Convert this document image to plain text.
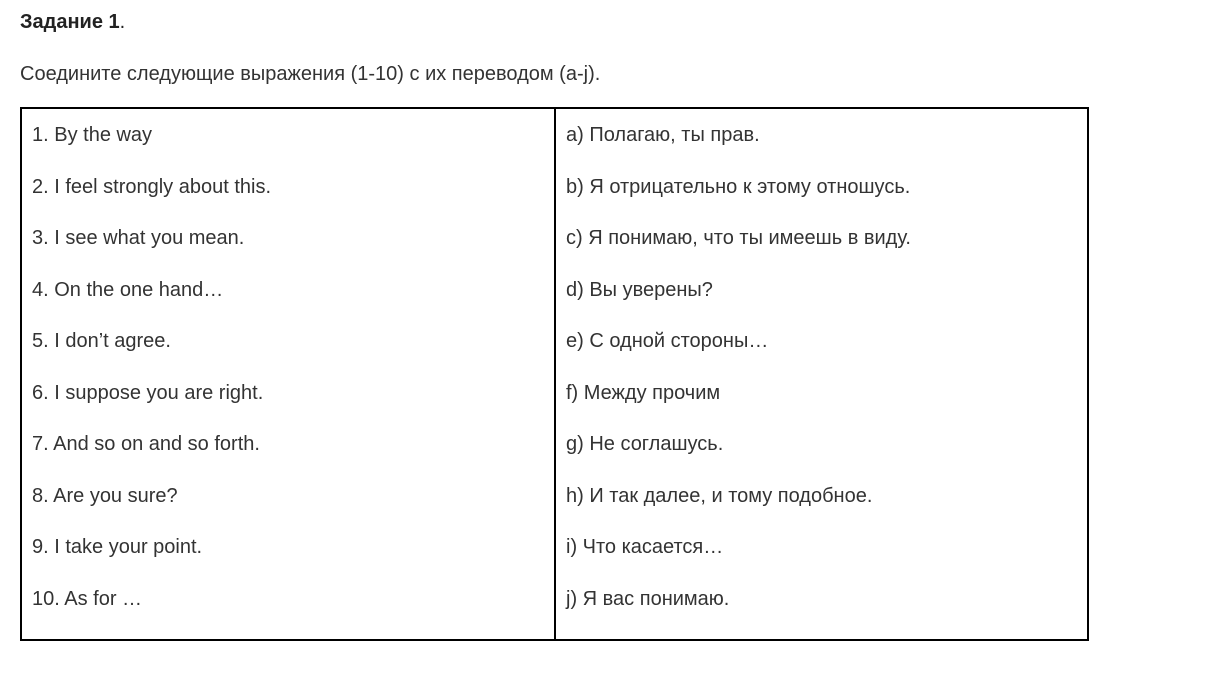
Задание 1.

Соедините следующие выражения (1-10) с их переводом (a-j).

1. By the way
2. I feel strongly about this.
3. I see what you mean.
4. On the one hand…
5. I don’t agree.
6. I suppose you are right.
7. And so on and so forth.
8. Are you sure?
9. I take your point.
10. As for …
a) Полагаю, ты прав.
b) Я отрицательно к этому отношусь.
c) Я понимаю, что ты имеешь в виду.
d) Вы уверены?
e) С одной стороны…
f) Между прочим
g) Не соглашусь.
h) И так далее, и тому подобное.
i) Что касается…
j) Я вас понимаю.
